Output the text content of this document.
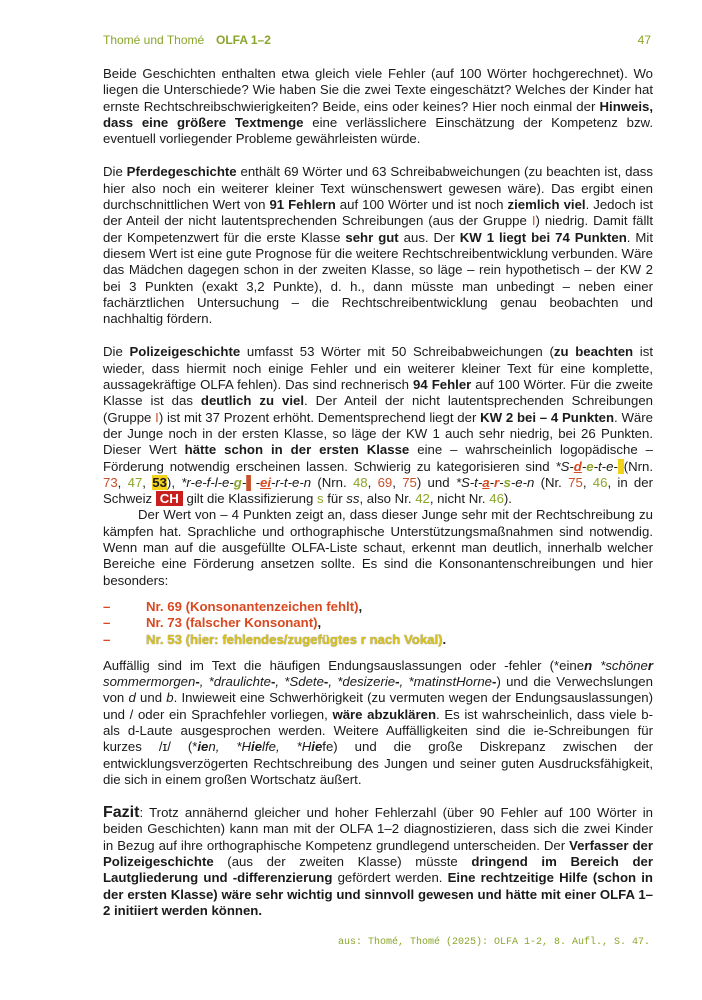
Thomé und Thomé OLFA 1–2	47

Beide Geschichten enthalten etwa gleich viele Fehler (auf 100 Wörter hochgerechnet). Wo liegen die Unterschiede? Wie haben Sie die zwei Texte eingeschätzt? Welches der Kinder hat ernste Rechtschreibschwierigkeiten? Beide, eins oder keines? Hier noch einmal der Hinweis, dass eine größere Textmenge eine verlässlichere Einschätzung der Kompetenz bzw. eventuell vorliegender Probleme gewährleisten würde.

Die Pferdegeschichte enthält 69 Wörter und 63 Schreibabweichungen (zu beachten ist, dass hier also noch ein weiterer kleiner Text wünschenswert gewesen wäre). Das ergibt einen durchschnittlichen Wert von 91 Fehlern auf 100 Wörter und ist noch ziemlich viel. Jedoch ist der Anteil der nicht lautentsprechenden Schreibungen (aus der Gruppe I) niedrig. Damit fällt der Kompetenzwert für die erste Klasse sehr gut aus. Der KW 1 liegt bei 74 Punkten. Mit diesem Wert ist eine gute Prognose für die weitere Rechtschreibentwicklung verbunden. Wäre das Mädchen dagegen schon in der zweiten Klasse, so läge – rein hypothetisch – der KW 2 bei 3 Punkten (exakt 3,2 Punkte), d. h., dann müsste man unbedingt – neben einer fachärztlichen Untersuchung – die Rechtschreibentwicklung genau beobachten und nachhaltig fördern.

Die Polizeigeschichte umfasst 53 Wörter mit 50 Schreibabweichungen (zu beachten ist wieder, dass hiermit noch einige Fehler und ein weiterer kleiner Text für eine komplette, aussagekräftige OLFA fehlen). Das sind rechnerisch 94 Fehler auf 100 Wörter. Für die zweite Klasse ist das deutlich zu viel. Der Anteil der nicht lautentsprechenden Schreibungen (Gruppe I) ist mit 37 Prozent erhöht. Dementsprechend liegt der KW 2 bei – 4 Punkten. Wäre der Junge noch in der ersten Klasse, so läge der KW 1 auch sehr niedrig, bei 26 Punkten. Dieser Wert hätte schon in der ersten Klasse eine – wahrscheinlich logopädische – Förderung notwendig erscheinen lassen. Schwierig zu kategorisieren sind *S-d-e-t-e- (Nrn. 73, 47, 53), *r-e-f-l-e-g-▌-ei-r-t-e-n (Nrn. 48, 69, 75) und *S-t-a-r-s-e-n (Nr. 75, 46, in der Schweiz CH gilt die Klassifizierung s für ss, also Nr. 42, nicht Nr. 46).

Der Wert von – 4 Punkten zeigt an, dass dieser Junge sehr mit der Rechtschreibung zu kämpfen hat. Sprachliche und orthographische Unterstützungsmaßnahmen sind notwendig. Wenn man auf die ausgefüllte OLFA-Liste schaut, erkennt man deutlich, innerhalb welcher Bereiche eine Förderung ansetzen sollte. Es sind die Konsonantenschreibungen und hier besonders:

–	Nr. 69 (Konsonantenzeichen fehlt),
–	Nr. 73 (falscher Konsonant),
–	Nr. 53 (hier: fehlendes/zugefügtes r nach Vokal).

Auffällig sind im Text die häufigen Endungsauslassungen oder -fehler (*einen *schöner sommermorgen-, *draulichte-, *Sdete-, *desizerie-, *matinstHorne-) und die Verwechslungen von d und b. Inwieweit eine Schwerhörigkeit (zu vermuten wegen der Endungsauslassungen) und / oder ein Sprachfehler vorliegen, wäre abzuklären. Es ist wahrscheinlich, dass viele b- als d-Laute ausgesprochen werden. Weitere Auffälligkeiten sind die ie-Schreibungen für kurzes /ɪ/ (*ien, *Hielfe, *Hiefe) und die große Diskrepanz zwischen der entwicklungsverzögerten Rechtschreibung des Jungen und seiner guten Ausdrucksfähigkeit, die sich in einem großen Wortschatz äußert.

Fazit: Trotz annähernd gleicher und hoher Fehlerzahl (über 90 Fehler auf 100 Wörter in beiden Geschichten) kann man mit der OLFA 1–2 diagnostizieren, dass sich die zwei Kinder in Bezug auf ihre orthographische Kompetenz grundlegend unterscheiden. Der Verfasser der Polizeigeschichte (aus der zweiten Klasse) müsste dringend im Bereich der Lautgliederung und -differenzierung gefördert werden. Eine rechtzeitige Hilfe (schon in der ersten Klasse) wäre sehr wichtig und sinnvoll gewesen und hätte mit einer OLFA 1–2 initiiert werden können.

aus: Thomé, Thomé (2025): OLFA 1-2, 8. Aufl., S. 47.
